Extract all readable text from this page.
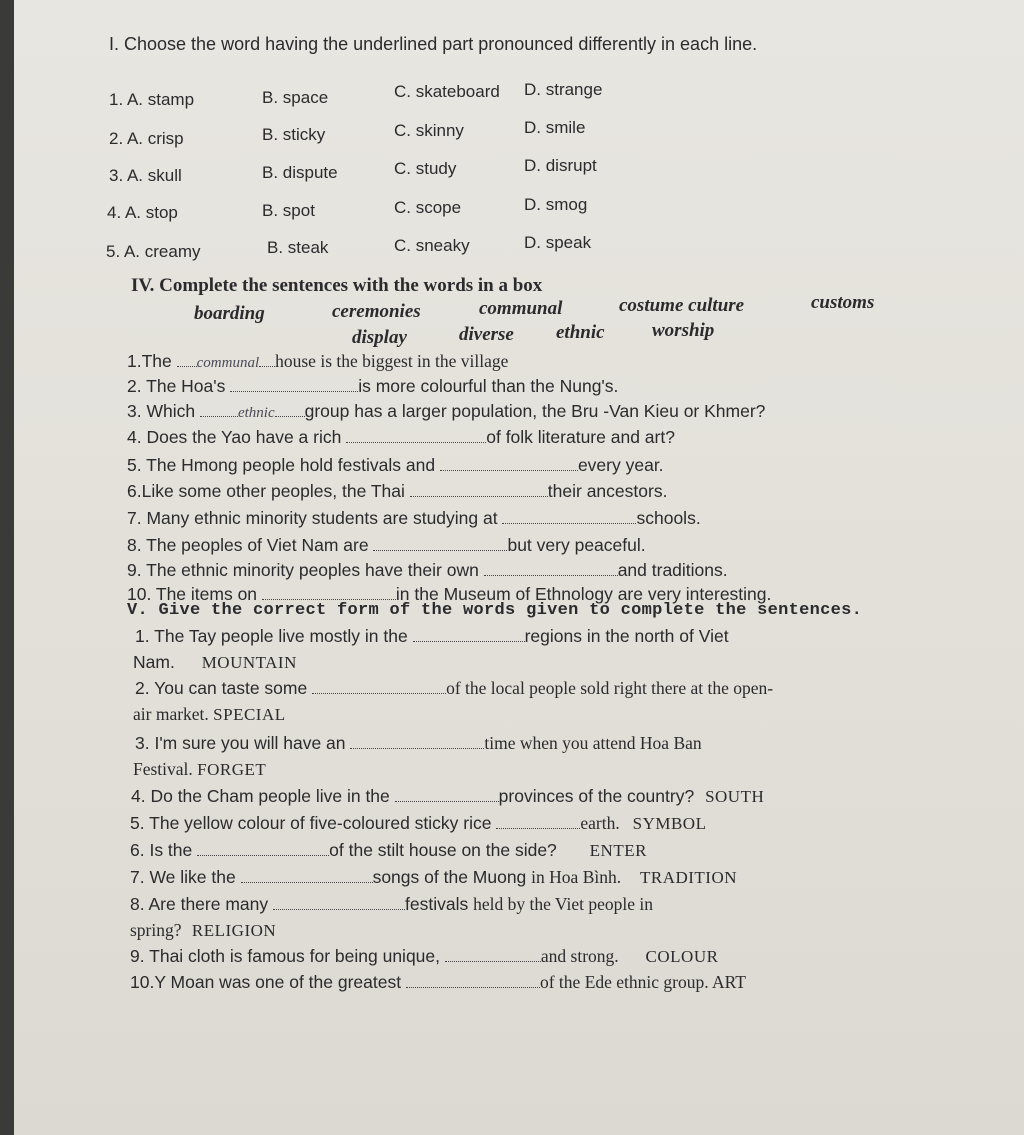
I. Choose the word having the underlined part pronounced differently in each line.
1. A. stamp	B. space	C. skateboard D. strange
2. A. crisp	B. sticky	C. skinny	D. smile
3. A. skull	B. dispute	C. study	D. disrupt
4. A. stop	B. spot	C. scope	D. smog
5. A. creamy	B. steak	C. sneaky	D. speak
IV. Complete the sentences with the words in a box
boarding	ceremonies	communal	costume culture	customs
display	diverse ethnic worship
1.The communal house is the biggest in the village
2. The Hoa's	is more colourful than the Nung's.
3. Which	ethnic group has a larger population, the Bru -Van Kieu or Khmer?
4. Does the Yao have a rich	of folk literature and art?
5. The Hmong people hold festivals and	every year.
6.Like some other peoples, the Thai	their ancestors.
7. Many ethnic minority students are studying at	schools.
8. The peoples of Viet Nam are	but very peaceful.
9. The ethnic minority peoples have their own	and traditions.
10. The items on	in the Museum of Ethnology are very interesting.
V. Give the correct form of the words given to complete the sentences.
1. The Tay people live mostly in the	regions in the north of Viet
Nam. MOUNTAIN
2. You can taste some	of the local people sold right there at the open-
air market. SPECIAL
3. I'm sure you will have an	time when you attend Hoa Ban
Festival. FORGET
4. Do the Cham people live in the	provinces of the country? SOUTH
5. The yellow colour of five-coloured sticky rice	earth. SYMBOL
6. Is the	of the stilt house on the side? ENTER
7. We like the	songs of the Muong in Hoa Bình. TRADITION
8. Are there many	festivals held by the Viet people in
spring? RELIGION
9. Thai cloth is famous for being unique,	and strong. COLOUR
10.Y Moan was one of the greatest	of the Ede ethnic group. ART
